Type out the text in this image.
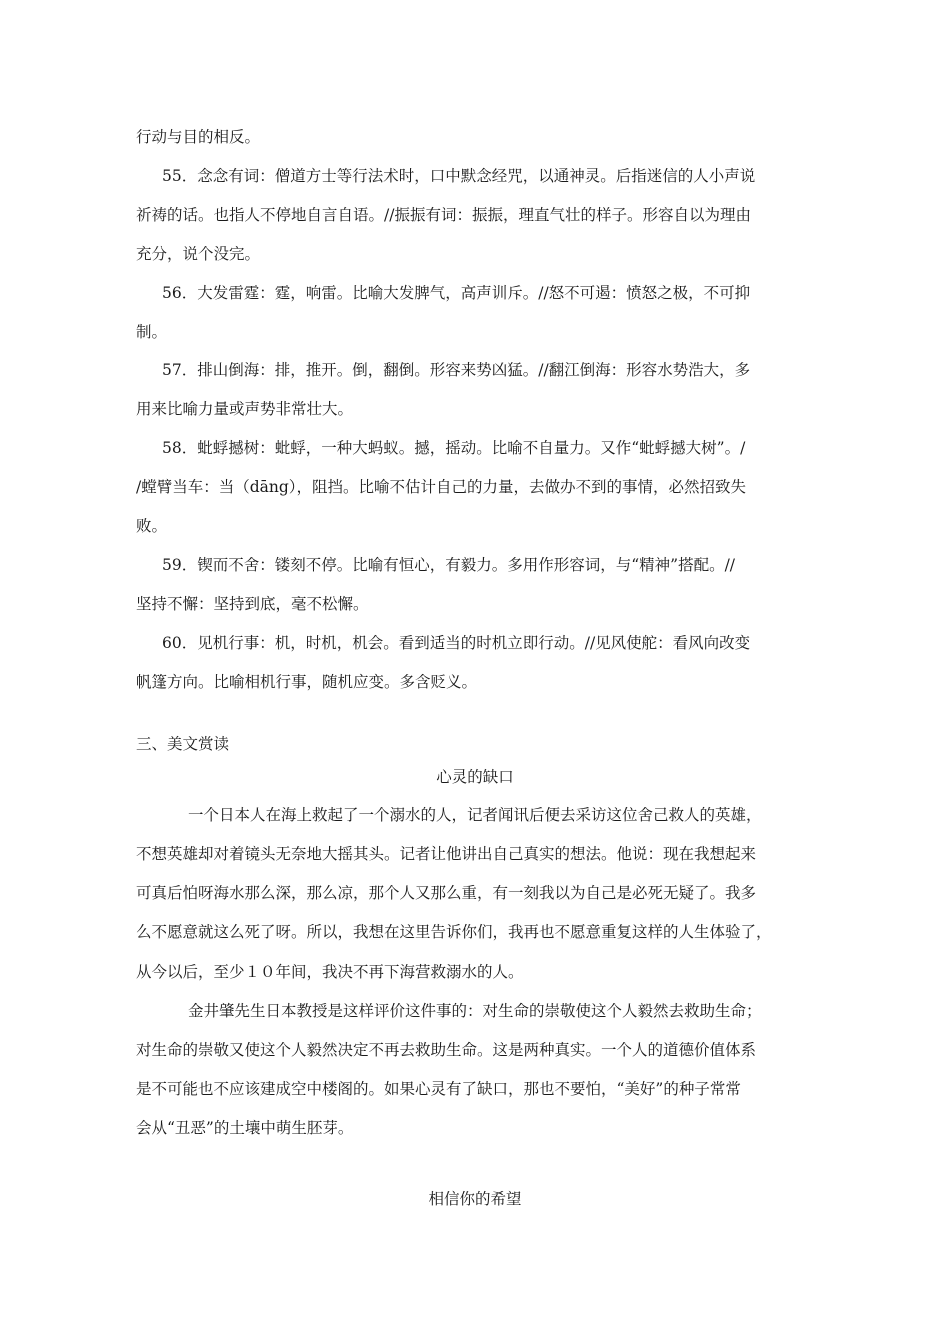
行动与目的相反。

55．念念有词：僧道方士等行法术时，口中默念经咒，以通神灵。后指迷信的人小声说

祈祷的话。也指人不停地自言自语。//振振有词：振振，理直气壮的样子。形容自以为理由

充分，说个没完。

56．大发雷霆：霆，响雷。比喻大发脾气，高声训斥。//怒不可遏：愤怒之极，不可抑

制。

57．排山倒海：排，推开。倒，翻倒。形容来势凶猛。//翻江倒海：形容水势浩大，多

用来比喻力量或声势非常壮大。

58．蚍蜉撼树：蚍蜉，一种大蚂蚁。撼，摇动。比喻不自量力。又作“蚍蜉撼大树”。/

/螳臂当车：当（dāng），阻挡。比喻不估计自己的力量，去做办不到的事情，必然招致失

败。

59．锲而不舍：镂刻不停。比喻有恒心，有毅力。多用作形容词，与“精神”搭配。//

坚持不懈：坚持到底，毫不松懈。

60．见机行事：机，时机，机会。看到适当的时机立即行动。//见风使舵：看风向改变

帆篷方向。比喻相机行事，随机应变。多含贬义。

三、美文赏读

心灵的缺口

一个日本人在海上救起了一个溺水的人，记者闻讯后便去采访这位舍己救人的英雄，

不想英雄却对着镜头无奈地大摇其头。记者让他讲出自己真实的想法。他说：现在我想起来

可真后怕呀海水那么深，那么凉，那个人又那么重，有一刻我以为自己是必死无疑了。我多

么不愿意就这么死了呀。所以，我想在这里告诉你们，我再也不愿意重复这样的人生体验了，

从今以后，至少１０年间，我决不再下海营救溺水的人。

金井肇先生日本教授是这样评价这件事的：对生命的崇敬使这个人毅然去救助生命；

对生命的崇敬又使这个人毅然决定不再去救助生命。这是两种真实。一个人的道德价值体系

是不可能也不应该建成空中楼阁的。如果心灵有了缺口，那也不要怕，“美好”的种子常常

会从“丑恶”的土壤中萌生胚芽。

相信你的希望
